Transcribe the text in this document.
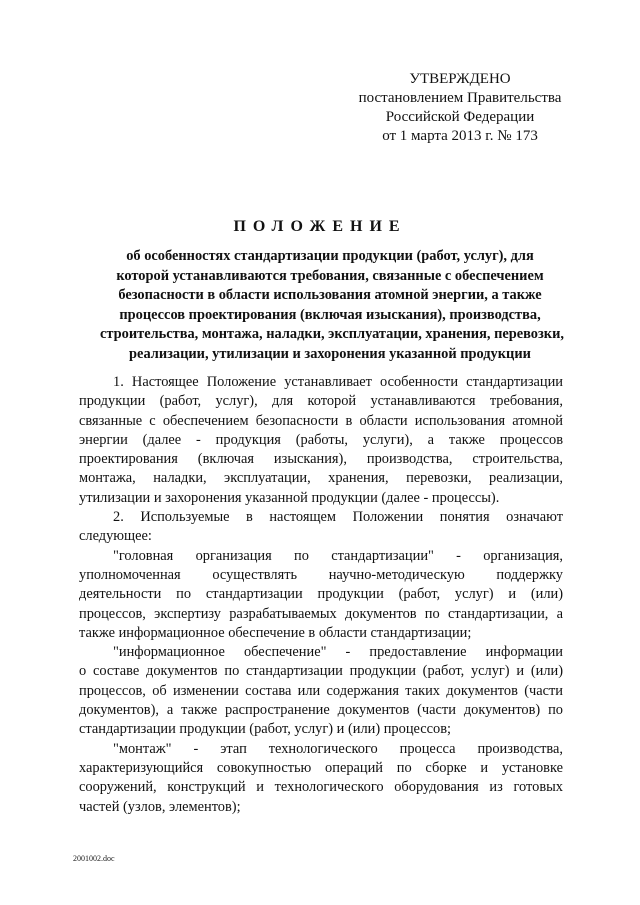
УТВЕРЖДЕНО
постановлением Правительства
Российской Федерации
от 1 марта 2013 г. № 173
ПОЛОЖЕНИЕ
об особенностях стандартизации продукции (работ, услуг), для
которой устанавливаются требования, связанные с обеспечением
безопасности в области использования атомной энергии, а также
процессов проектирования (включая изыскания), производства,
строительства, монтажа, наладки, эксплуатации, хранения, перевозки,
реализации, утилизации и захоронения указанной продукции
1. Настоящее Положение устанавливает особенности стандартизации
продукции (работ, услуг), для которой устанавливаются требования,
связанные с обеспечением безопасности в области использования атомной
энергии (далее - продукция (работы, услуги), а также процессов
проектирования (включая изыскания), производства, строительства,
монтажа, наладки, эксплуатации, хранения, перевозки, реализации,
утилизации и захоронения указанной продукции (далее - процессы).
2. Используемые в настоящем Положении понятия означают
следующее:
"головная организация по стандартизации" - организация,
уполномоченная осуществлять научно-методическую поддержку
деятельности по стандартизации продукции (работ, услуг) и (или)
процессов, экспертизу разрабатываемых документов по стандартизации, а
также информационное обеспечение в области стандартизации;
"информационное обеспечение" - предоставление информации
о составе документов по стандартизации продукции (работ, услуг) и (или)
процессов, об изменении состава или содержания таких документов (части
документов), а также распространение документов (части документов) по
стандартизации продукции (работ, услуг) и (или) процессов;
"монтаж" - этап технологического процесса производства,
характеризующийся совокупностью операций по сборке и установке
сооружений, конструкций и технологического оборудования из готовых
частей (узлов, элементов);
2001002.doc
